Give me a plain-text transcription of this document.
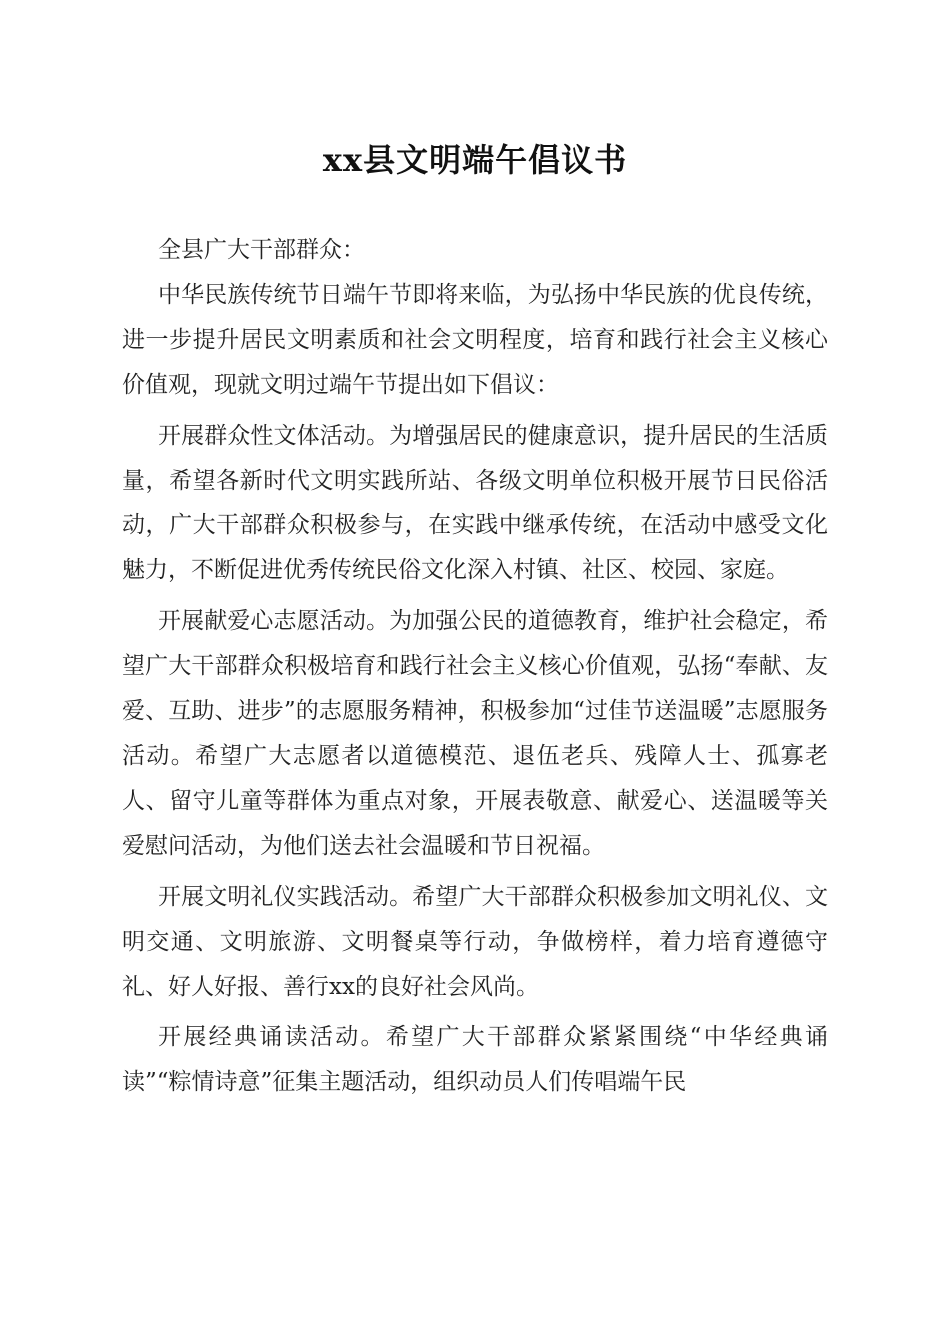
xx县文明端午倡议书

全县广大干部群众：

中华民族传统节日端午节即将来临，为弘扬中华民族的优良传统，进一步提升居民文明素质和社会文明程度，培育和践行社会主义核心价值观，现就文明过端午节提出如下倡议：

开展群众性文体活动。为增强居民的健康意识，提升居民的生活质量，希望各新时代文明实践所站、各级文明单位积极开展节日民俗活动，广大干部群众积极参与，在实践中继承传统，在活动中感受文化魅力，不断促进优秀传统民俗文化深入村镇、社区、校园、家庭。

开展献爱心志愿活动。为加强公民的道德教育，维护社会稳定，希望广大干部群众积极培育和践行社会主义核心价值观，弘扬“奉献、友爱、互助、进步”的志愿服务精神，积极参加“过佳节送温暖”志愿服务活动。希望广大志愿者以道德模范、退伍老兵、残障人士、孤寡老人、留守儿童等群体为重点对象，开展表敬意、献爱心、送温暖等关爱慰问活动，为他们送去社会温暖和节日祝福。

开展文明礼仪实践活动。希望广大干部群众积极参加文明礼仪、文明交通、文明旅游、文明餐桌等行动，争做榜样，着力培育遵德守礼、好人好报、善行xx的良好社会风尚。

开展经典诵读活动。希望广大干部群众紧紧围绕“中华经典诵读”“粽情诗意”征集主题活动，组织动员人们传唱端午民
